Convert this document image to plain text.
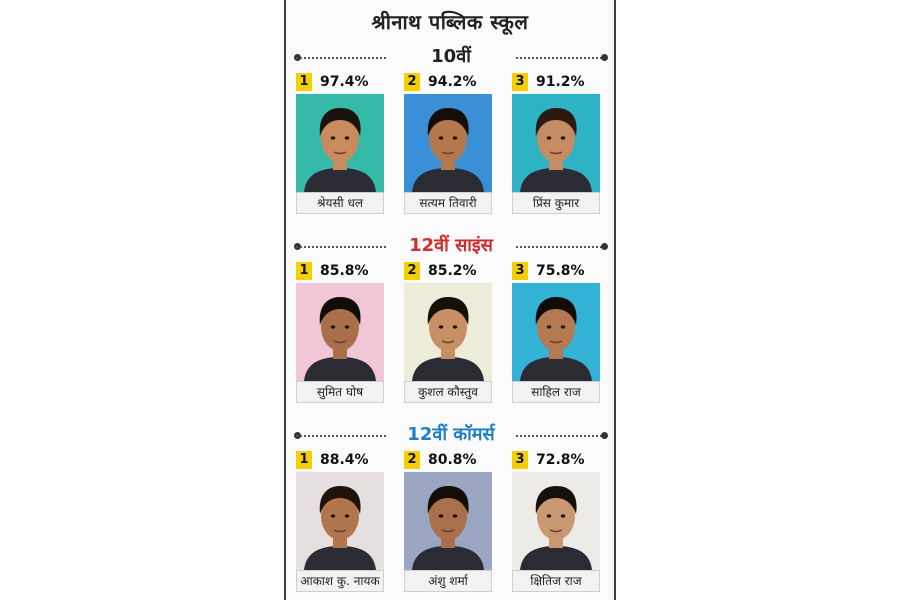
श्रीनाथ पब्लिक स्कूल
10वीं
1 97.4%
श्रेयसी धल
2 94.2%
सत्यम तिवारी
3 91.2%
प्रिंस कुमार
12वीं साइंस
1 85.8%
सुमित घोष
2 85.2%
कुशल कौस्तुव
3 75.8%
साहिल राज
12वीं कॉमर्स
1 88.4%
आकाश कु. नायक
2 80.8%
अंशु शर्मा
3 72.8%
क्षितिज राज
